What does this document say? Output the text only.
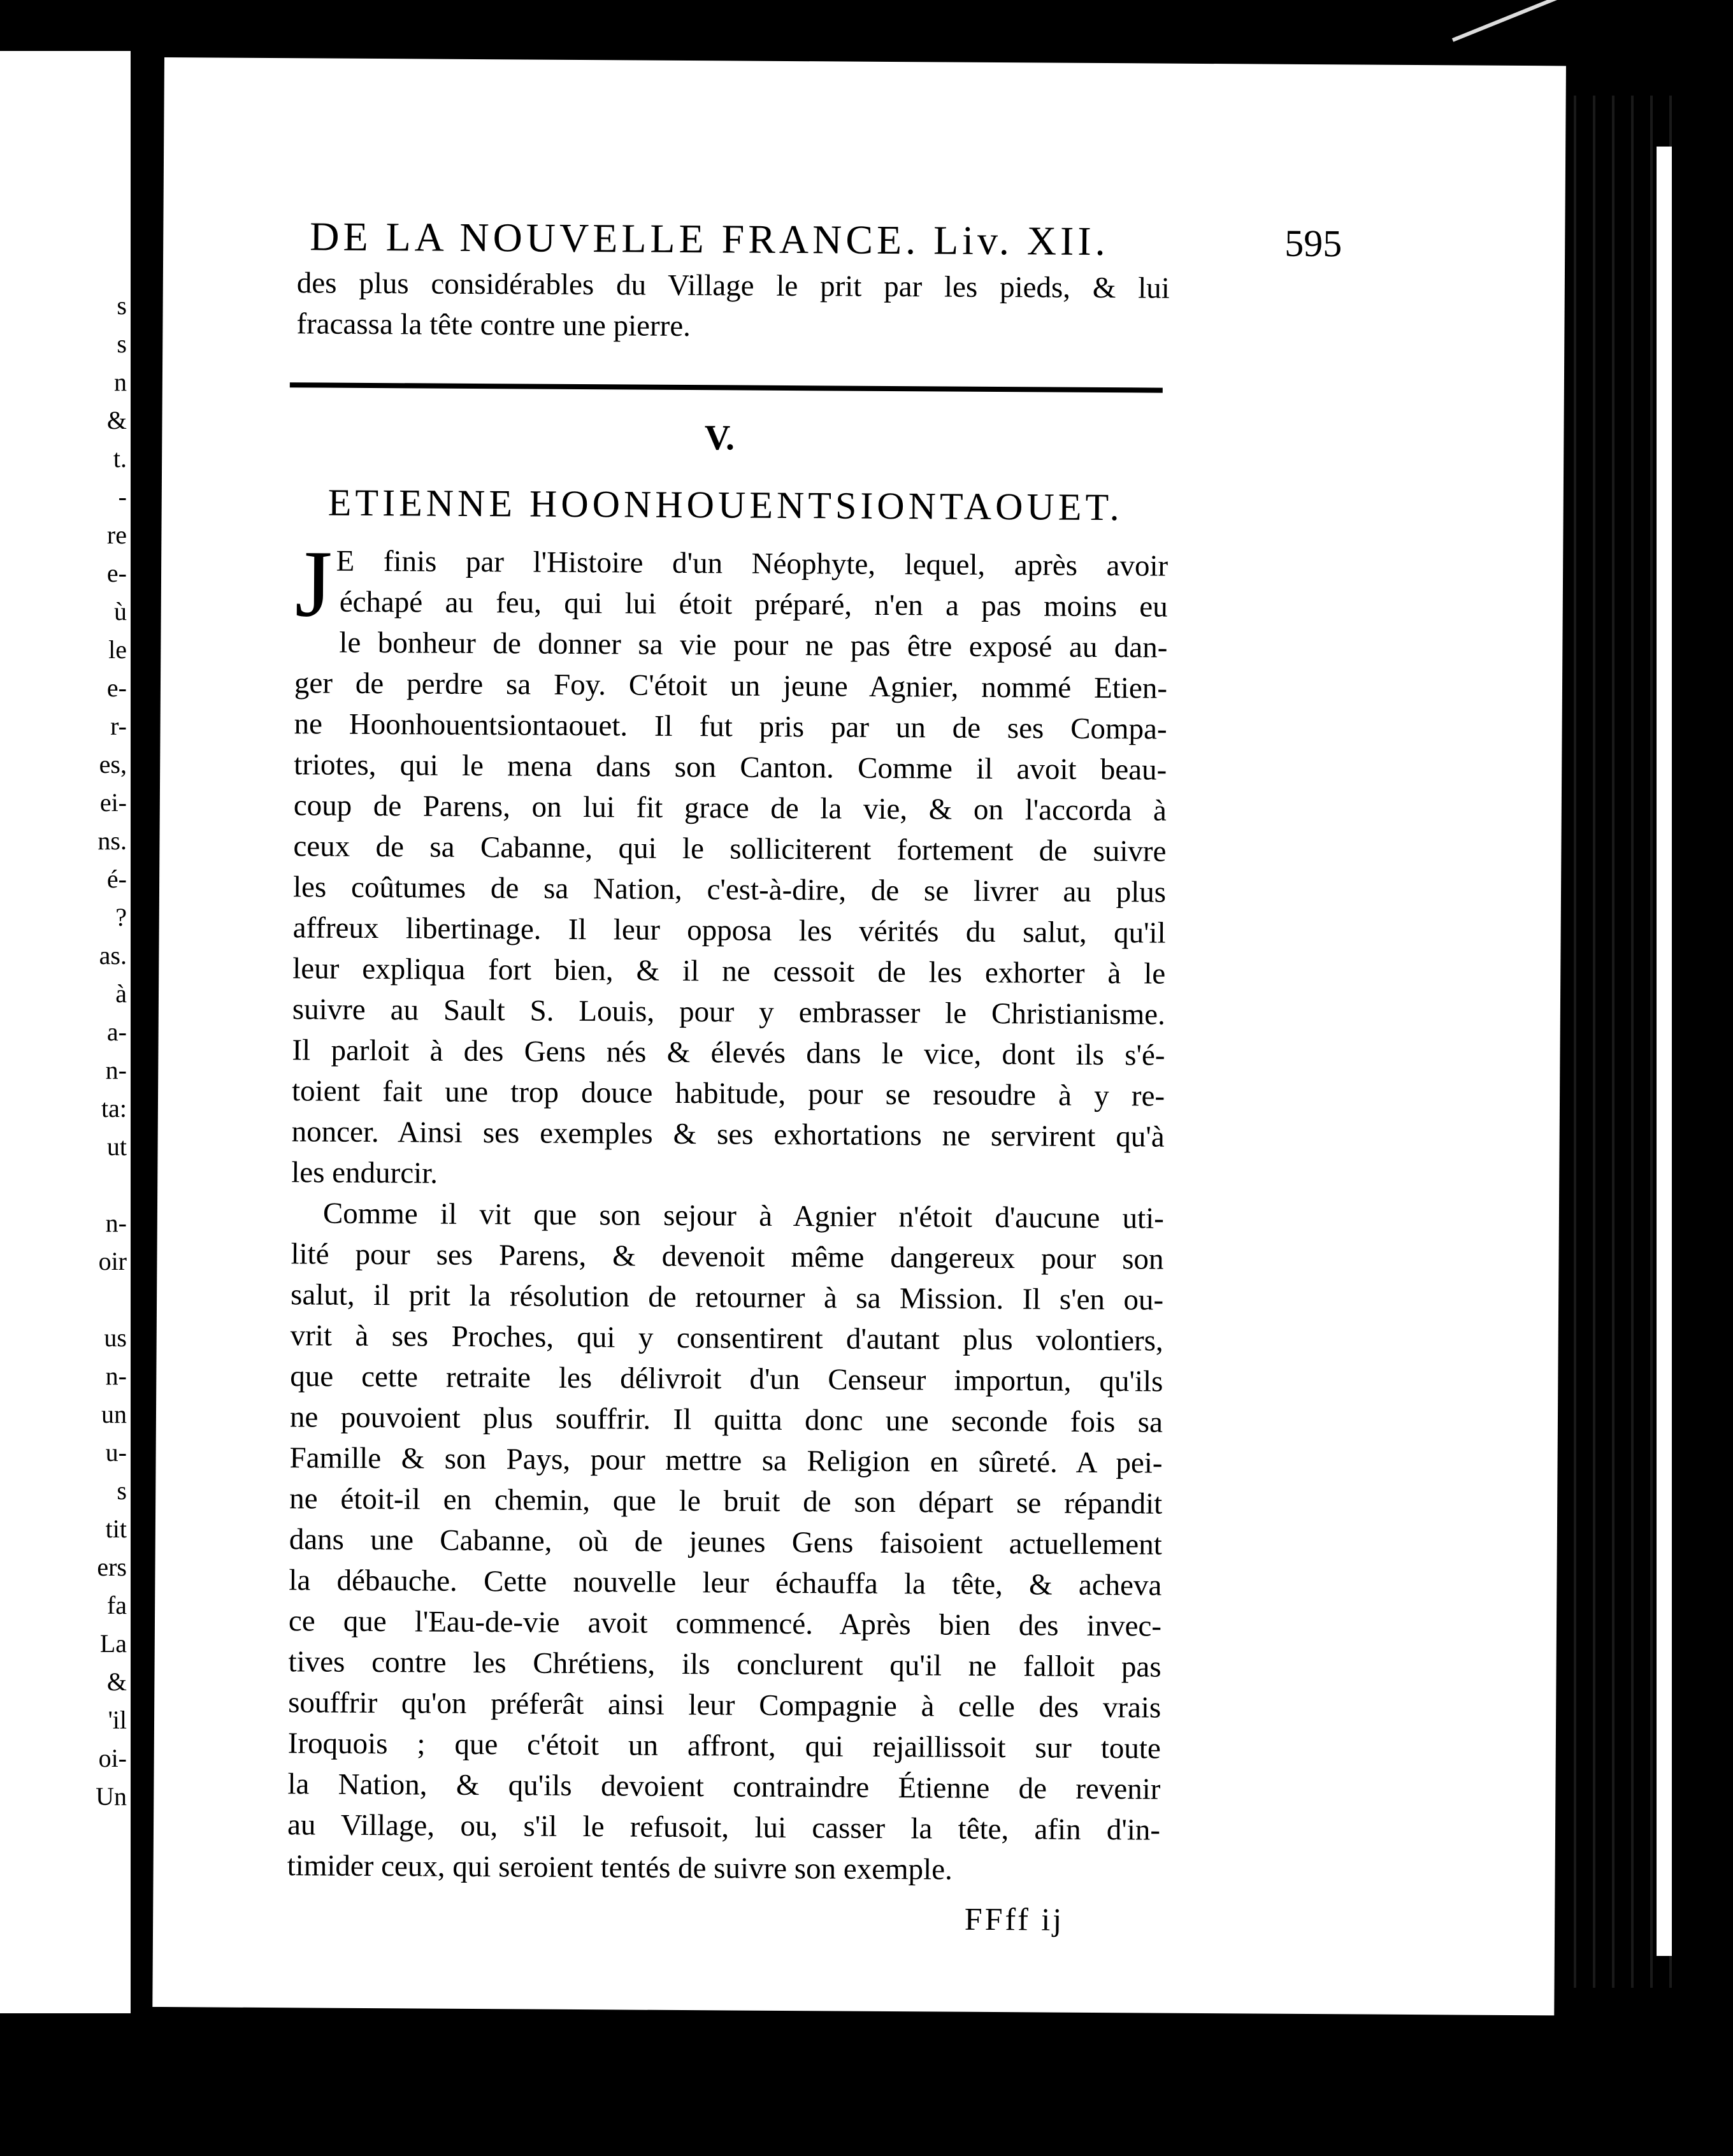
s
s
n
&
t.
-
re
e-
ù
le
e-
r-
es,
ei-
ns.
é-
?
as.
à
a-
n-
ta:
ut

n-
oir

us
n-
un
u-
s
tit
ers
fa
La
&
'il
oi-
Un
DE LA NOUVELLE FRANCE. Liv. XII.	595
des plus considérables du Village le prit par les pieds, & lui
fracassa la tête contre une pierre.
V.
ETIENNE HOONHOUENTSIONTAOUET.
J E finis par l'Histoire d'un Néophyte, lequel, après avoir
échapé au feu, qui lui étoit préparé, n'en a pas moins eu
le bonheur de donner sa vie pour ne pas être exposé au dan-
ger de perdre sa Foy. C'étoit un jeune Agnier, nommé Etien-
ne Hoonhouentsiontaouet. Il fut pris par un de ses Compa-
triotes, qui le mena dans son Canton. Comme il avoit beau-
coup de Parens, on lui fit grace de la vie, & on l'accorda à
ceux de sa Cabanne, qui le solliciterent fortement de suivre
les coûtumes de sa Nation, c'est-à-dire, de se livrer au plus
affreux libertinage. Il leur opposa les vérités du salut, qu'il
leur expliqua fort bien, & il ne cessoit de les exhorter à le
suivre au Sault S. Louis, pour y embrasser le Christianisme.
Il parloit à des Gens nés & élevés dans le vice, dont ils s'é-
toient fait une trop douce habitude, pour se resoudre à y re-
noncer. Ainsi ses exemples & ses exhortations ne servirent qu'à
les endurcir.
Comme il vit que son sejour à Agnier n'étoit d'aucune uti-
lité pour ses Parens, & devenoit même dangereux pour son
salut, il prit la résolution de retourner à sa Mission. Il s'en ou-
vrit à ses Proches, qui y consentirent d'autant plus volontiers,
que cette retraite les délivroit d'un Censeur importun, qu'ils
ne pouvoient plus souffrir. Il quitta donc une seconde fois sa
Famille & son Pays, pour mettre sa Religion en sûreté. A pei-
ne étoit-il en chemin, que le bruit de son départ se répandit
dans une Cabanne, où de jeunes Gens faisoient actuellement
la débauche. Cette nouvelle leur échauffa la tête, & acheva
ce que l'Eau-de-vie avoit commencé. Après bien des invec-
tives contre les Chrétiens, ils conclurent qu'il ne falloit pas
souffrir qu'on préferât ainsi leur Compagnie à celle des vrais
Iroquois ; que c'étoit un affront, qui rejaillissoit sur toute
la Nation, & qu'ils devoient contraindre Étienne de revenir
au Village, ou, s'il le refusoit, lui casser la tête, afin d'in-
timider ceux, qui seroient tentés de suivre son exemple.
FFff ij
